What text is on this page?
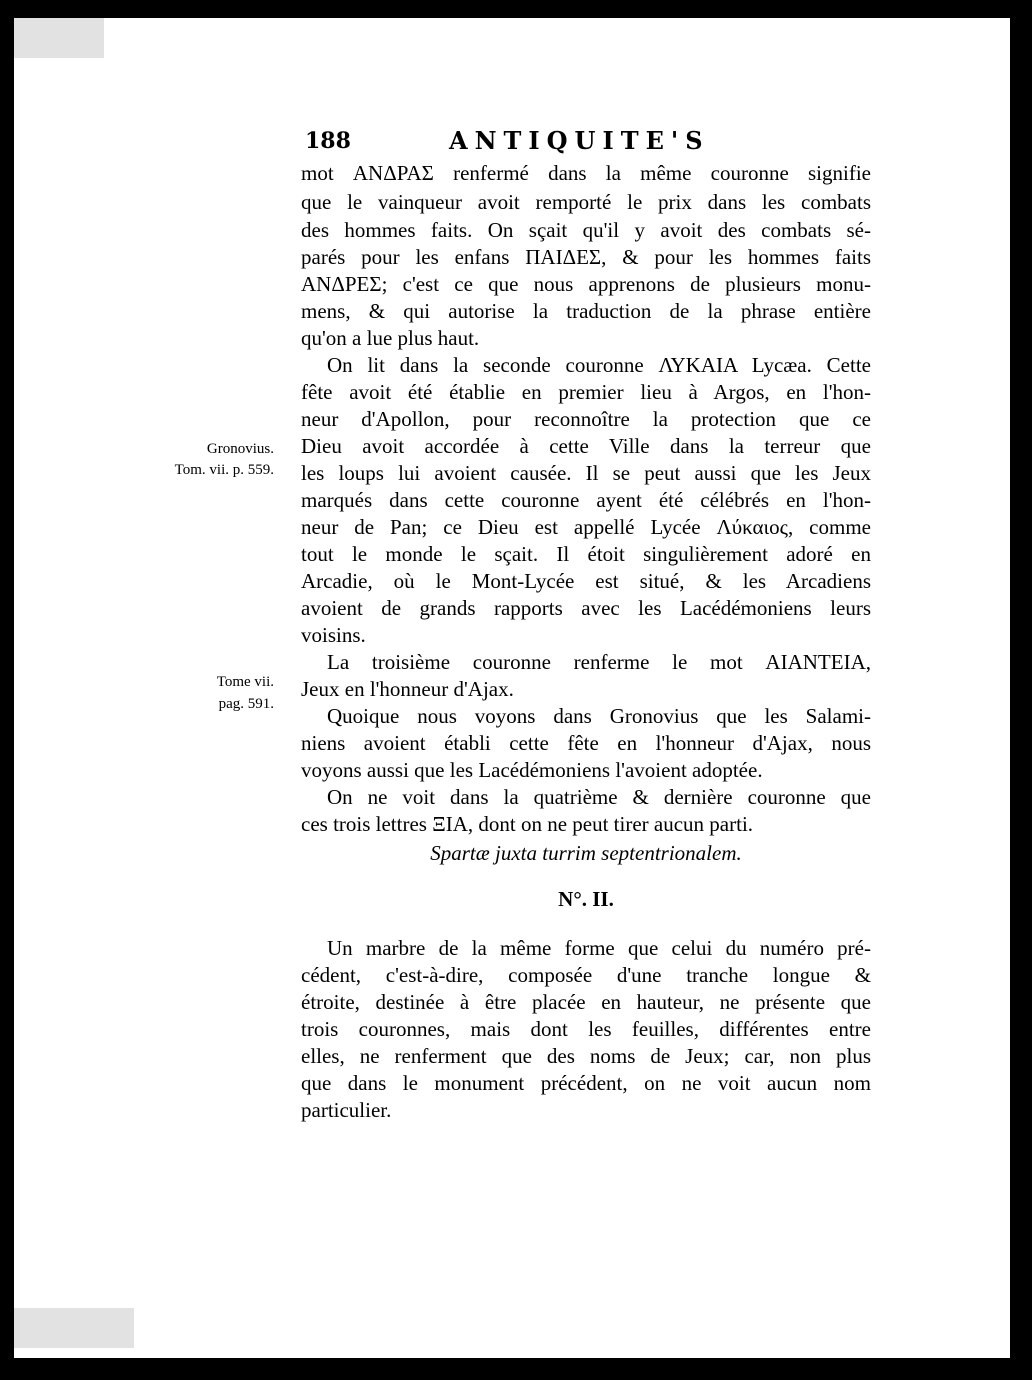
188	ANTIQUITE'S
Gronovius.
Tom. vii. p. 559.
Tome vii.
pag. 591.
mot ΑΝΔΡΑΣ renfermé dans la même couronne signifie
que le vainqueur avoit remporté le prix dans les combats
des hommes faits. On sçait qu'il y avoit des combats sé-
parés pour les enfans ΠΑΙΔΕΣ, & pour les hommes faits
ΑΝΔΡΕΣ; c'est ce que nous apprenons de plusieurs monu-
mens, & qui autorise la traduction de la phrase entière
qu'on a lue plus haut.
On lit dans la seconde couronne ΛΥΚΑΙΑ Lycæa. Cette
fête avoit été établie en premier lieu à Argos, en l'hon-
neur d'Apollon, pour reconnoître la protection que ce
Dieu avoit accordée à cette Ville dans la terreur que
les loups lui avoient causée. Il se peut aussi que les Jeux
marqués dans cette couronne ayent été célébrés en l'hon-
neur de Pan; ce Dieu est appellé Lycée Λύκαιος, comme
tout le monde le sçait. Il étoit singulièrement adoré en
Arcadie, où le Mont-Lycée est situé, & les Arcadiens
avoient de grands rapports avec les Lacédémoniens leurs
voisins.
La troisième couronne renferme le mot ΑΙΑΝΤΕΙΑ,
Jeux en l'honneur d'Ajax.
Quoique nous voyons dans Gronovius que les Salami-
niens avoient établi cette fête en l'honneur d'Ajax, nous
voyons aussi que les Lacédémoniens l'avoient adoptée.
On ne voit dans la quatrième & dernière couronne que
ces trois lettres ΞΙΑ, dont on ne peut tirer aucun parti.
Spartæ juxta turrim septentrionalem.
N°. II.
Un marbre de la même forme que celui du numéro pré-
cédent, c'est-à-dire, composée d'une tranche longue &
étroite, destinée à être placée en hauteur, ne présente que
trois couronnes, mais dont les feuilles, différentes entre
elles, ne renferment que des noms de Jeux; car, non plus
que dans le monument précédent, on ne voit aucun nom
particulier.
